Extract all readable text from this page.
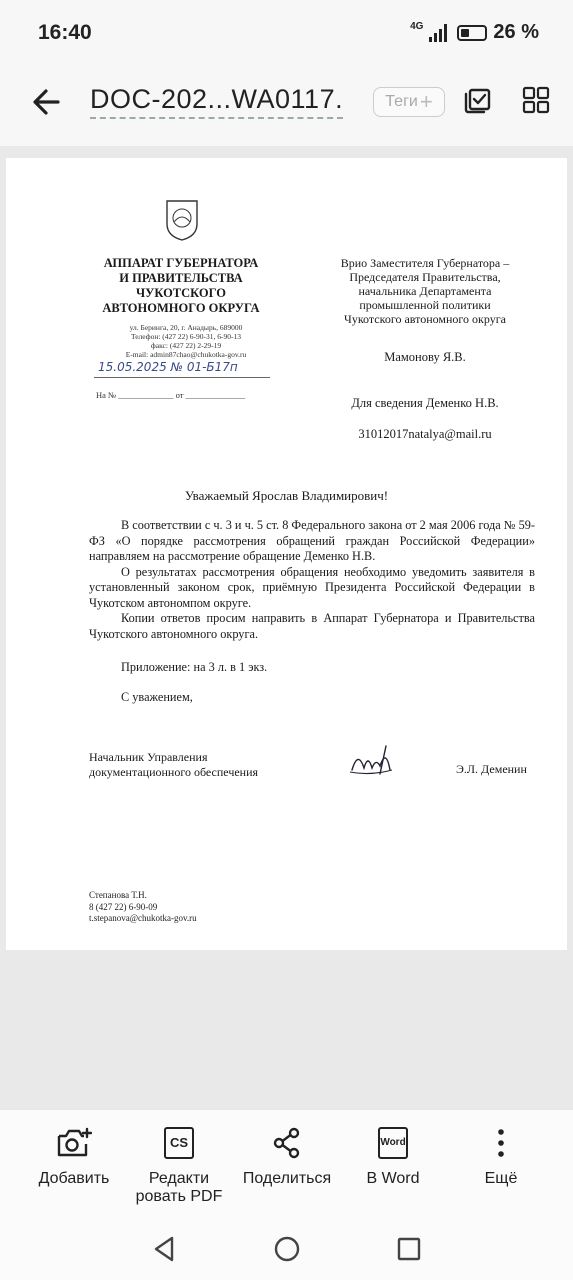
16:40	4G	26 %
DOC-202...WA0117.	Теги +
АППАРАТ ГУБЕРНАТОРА
И ПРАВИТЕЛЬСТВА
ЧУКОТСКОГО
АВТОНОМНОГО ОКРУГА
ул. Беринга, 20, г. Анадырь, 689000
Телефон: (427 22) 6-90-31, 6-90-13
факс: (427 22) 2-29-19
E-mail: admin87chao@chukotka-gov.ru
15.05.2025 № 01-Б17п
На № _____________ от ______________
Врио Заместителя Губернатора –
Председателя Правительства,
начальника Департамента
промышленной политики
Чукотского автономного округа
Мамонову Я.В.
Для сведения Деменко Н.В.
31012017natalya@mail.ru
Уважаемый Ярослав Владимирович!

В соответствии с ч. 3 и ч. 5 ст. 8 Федерального закона от 2 мая 2006 года № 59-ФЗ «О порядке рассмотрения обращений граждан Российской Федерации» направляем на рассмотрение обращение Деменко Н.В.

О результатах рассмотрения обращения необходимо уведомить заявителя в установленный законом срок, приёмную Президента Российской Федерации в Чукотском автономпом округе.

Копии ответов просим направить в Аппарат Губернатора и Правительства Чукотского автономного округа.

Приложение: на 3 л. в 1 экз.
С уважением,
Начальник Управления
документационного обеспечения	Э.Л. Деменин
Степанова Т.Н.
8 (427 22) 6-90-09
t.stepanova@chukotka-gov.ru
Добавить
CS
Редакти ровать PDF
Поделиться
Word
В Word	Ещё
